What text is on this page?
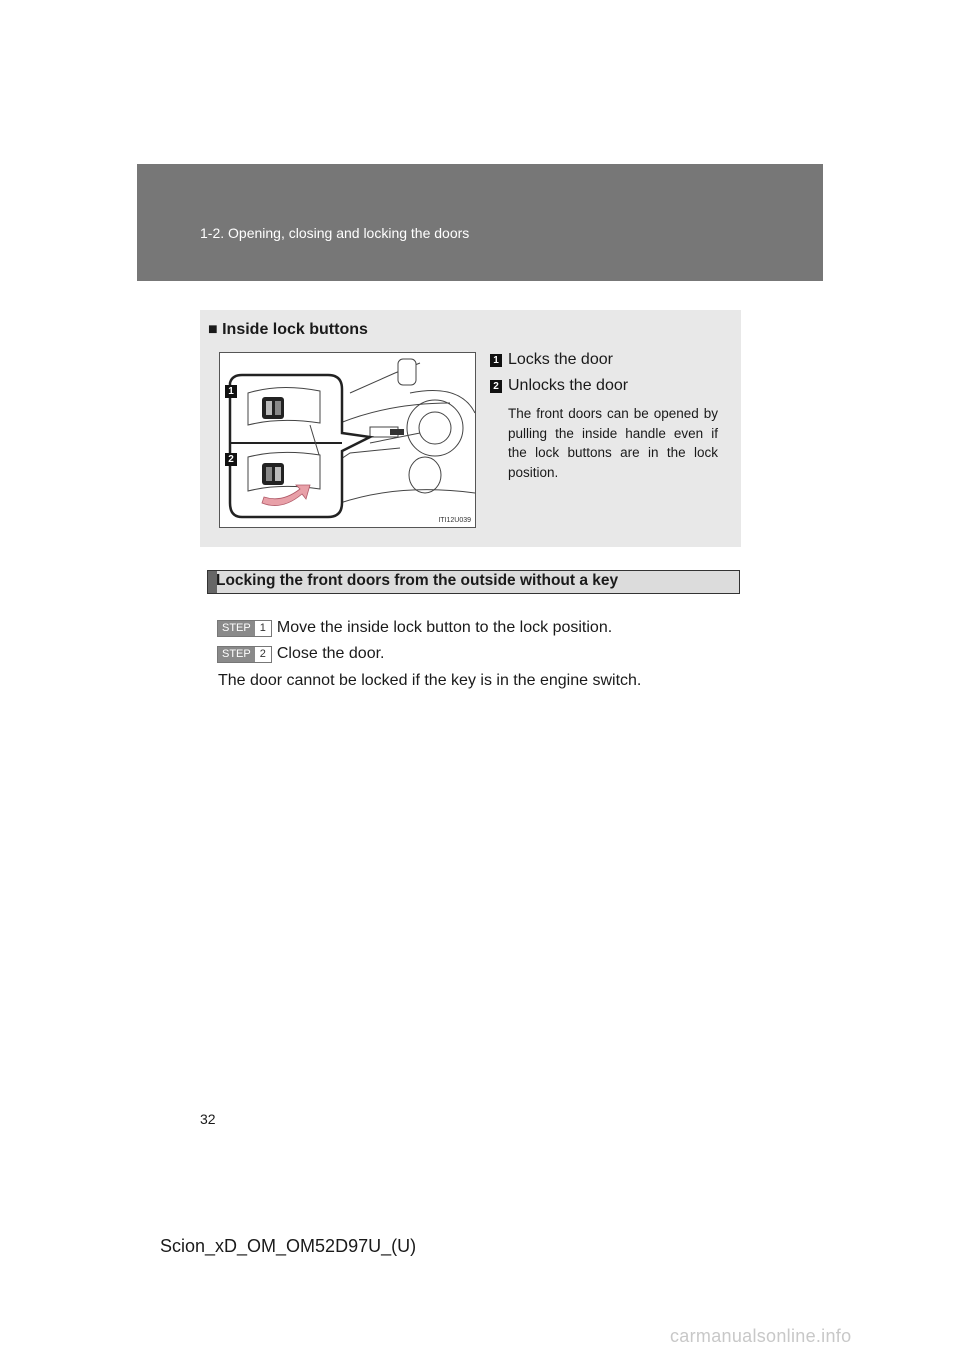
1-2. Opening, closing and locking the doors
■ Inside lock buttons
1
2
ITI12U039
1 Locks the door
2 Unlocks the door
The front doors can be opened by pulling the inside handle even if the lock buttons are in the lock position.
Locking the front doors from the outside without a key
STEP 1 Move the inside lock button to the lock position.
STEP 2 Close the door.
The door cannot be locked if the key is in the engine switch.
32
Scion_xD_OM_OM52D97U_(U)
carmanualsonline.info
